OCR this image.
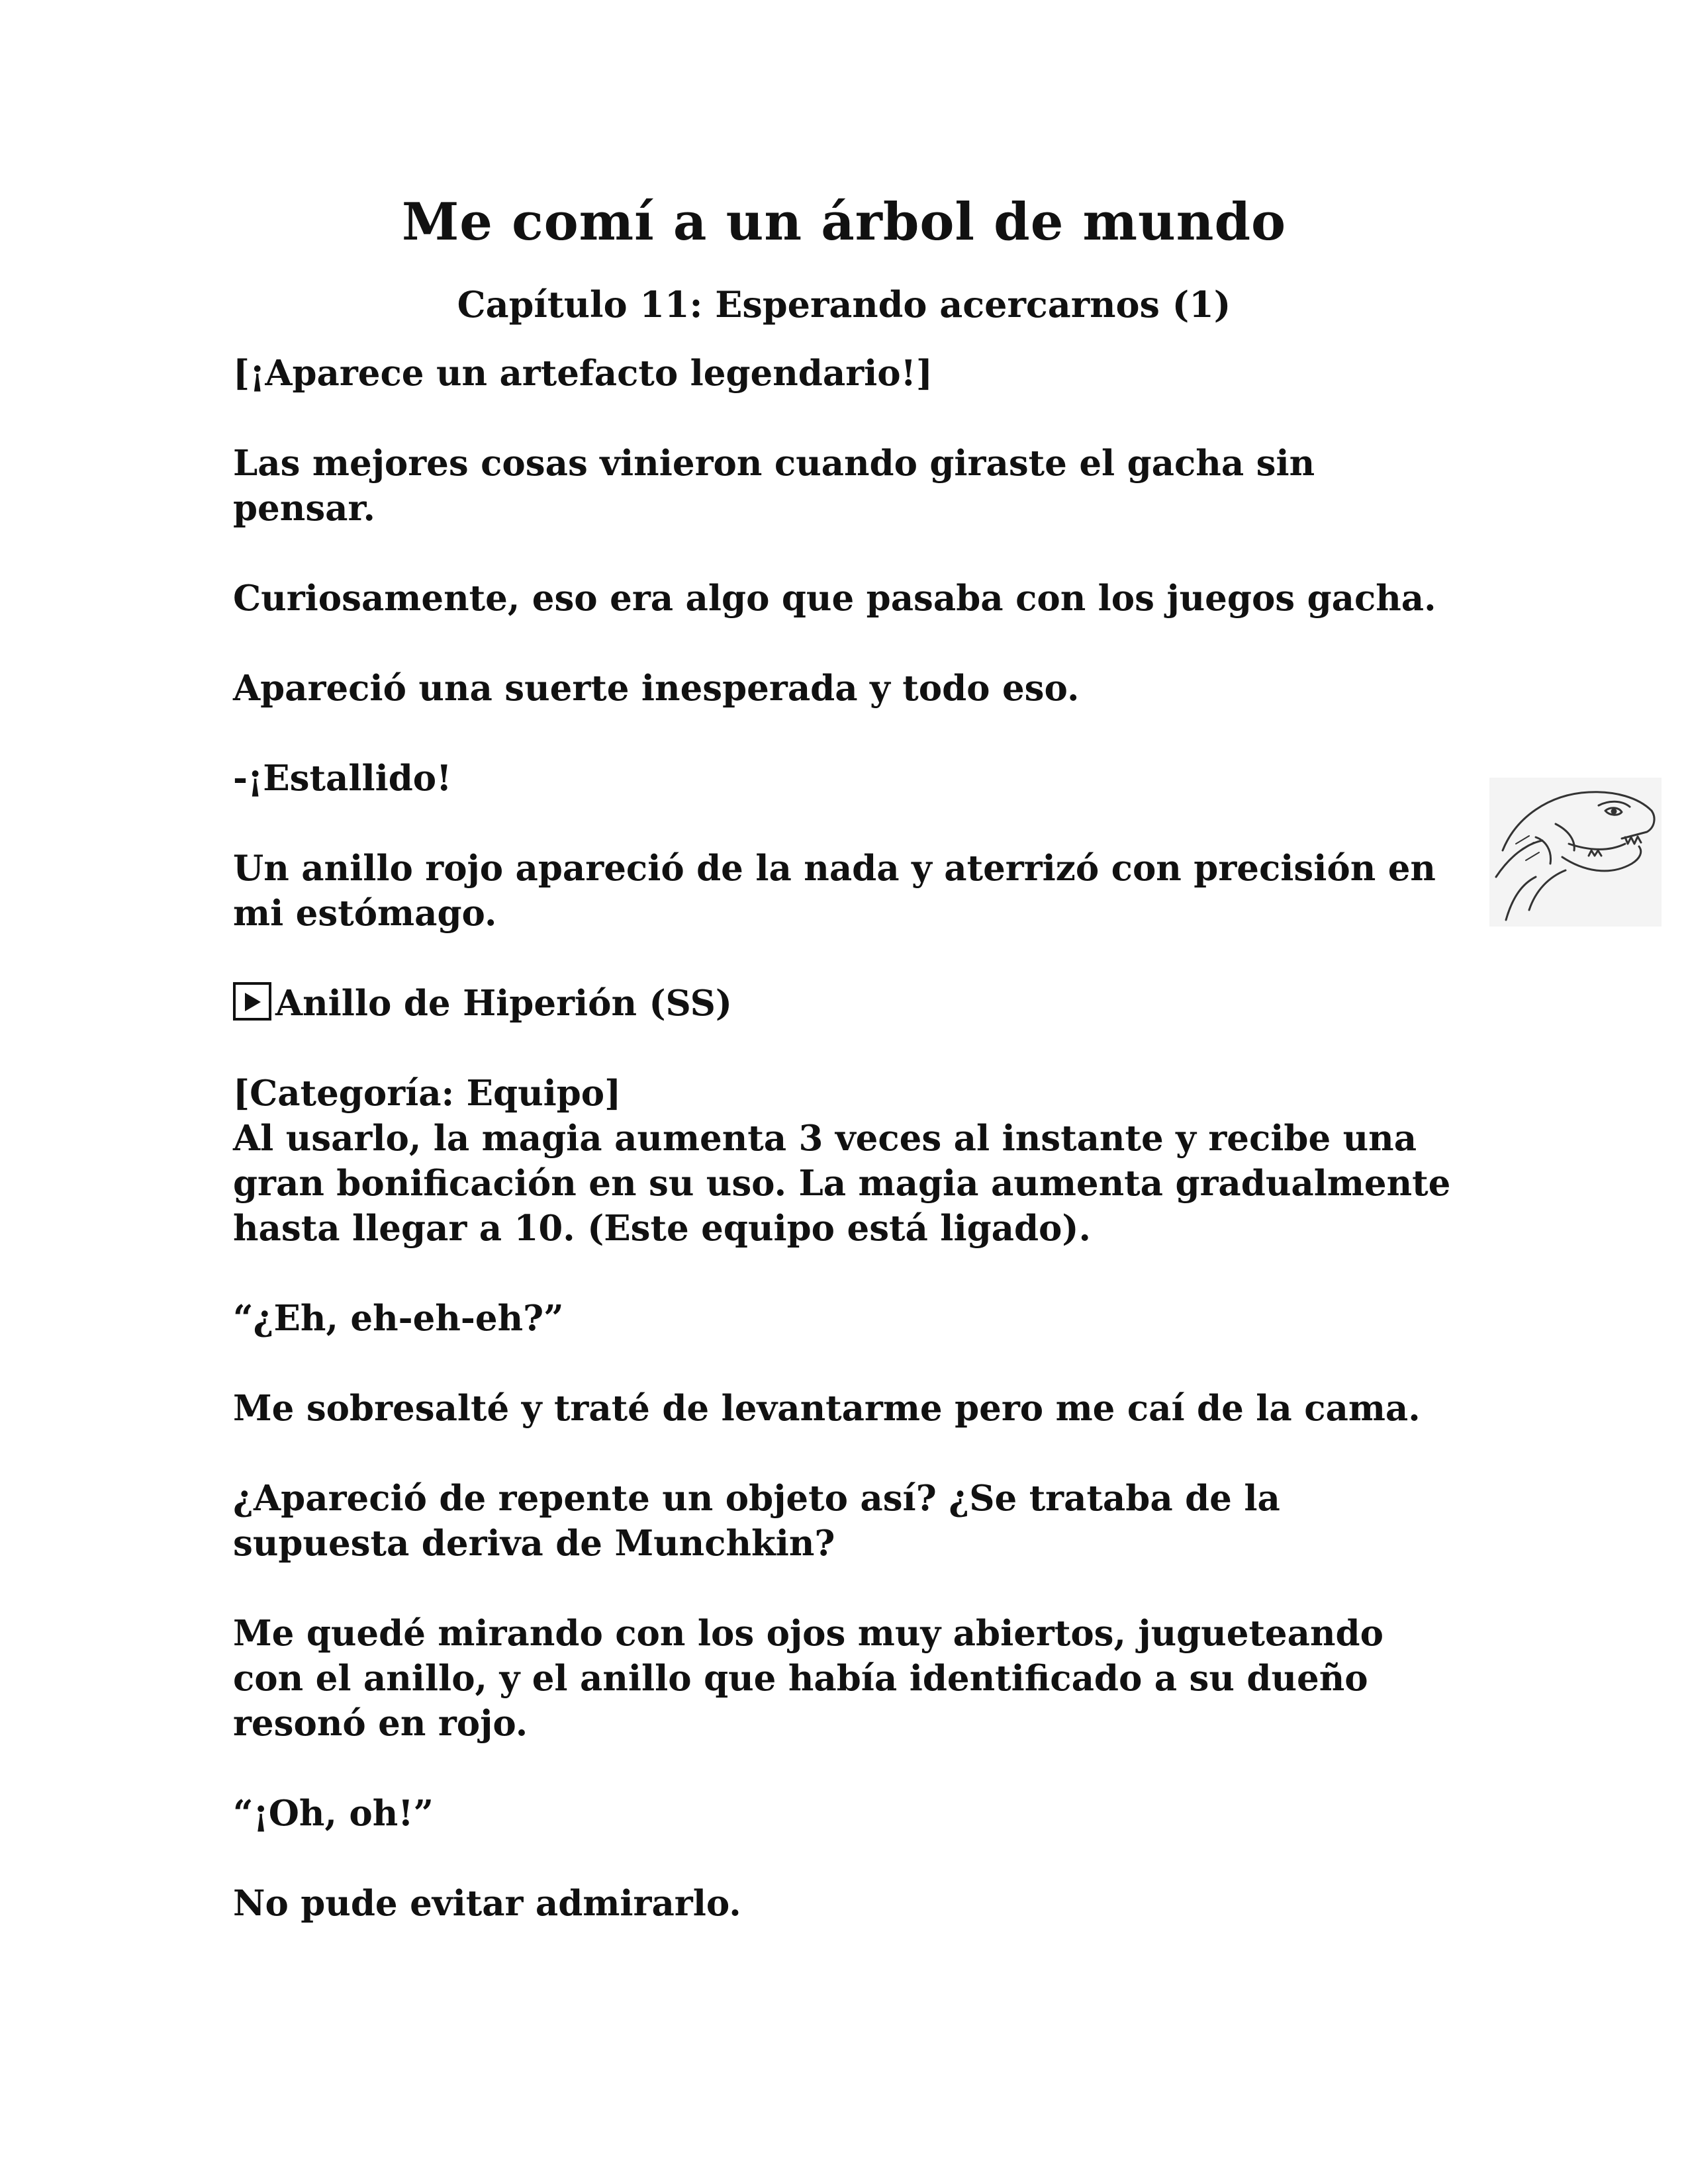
Me comí a un árbol de mundo
Capítulo 11: Esperando acercarnos (1)

[¡Aparece un artefacto legendario!]

Las mejores cosas vinieron cuando giraste el gacha sin pensar.

Curiosamente, eso era algo que pasaba con los juegos gacha.

Apareció una suerte inesperada y todo eso.

-¡Estallido!

Un anillo rojo apareció de la nada y aterrizó con precisión en mi estómago.

Anillo de Hiperión (SS)

[Categoría: Equipo]

Al usarlo, la magia aumenta 3 veces al instante y recibe una gran bonificación en su uso. La magia aumenta gradualmente hasta llegar a 10. (Este equipo está ligado).

“¿Eh, eh-eh-eh?”

Me sobresalté y traté de levantarme pero me caí de la cama.

¿Apareció de repente un objeto así? ¿Se trataba de la supuesta deriva de Munchkin?

Me quedé mirando con los ojos muy abiertos, jugueteando con el anillo, y el anillo que había identificado a su dueño resonó en rojo.

“¡Oh, oh!”

No pude evitar admirarlo.
